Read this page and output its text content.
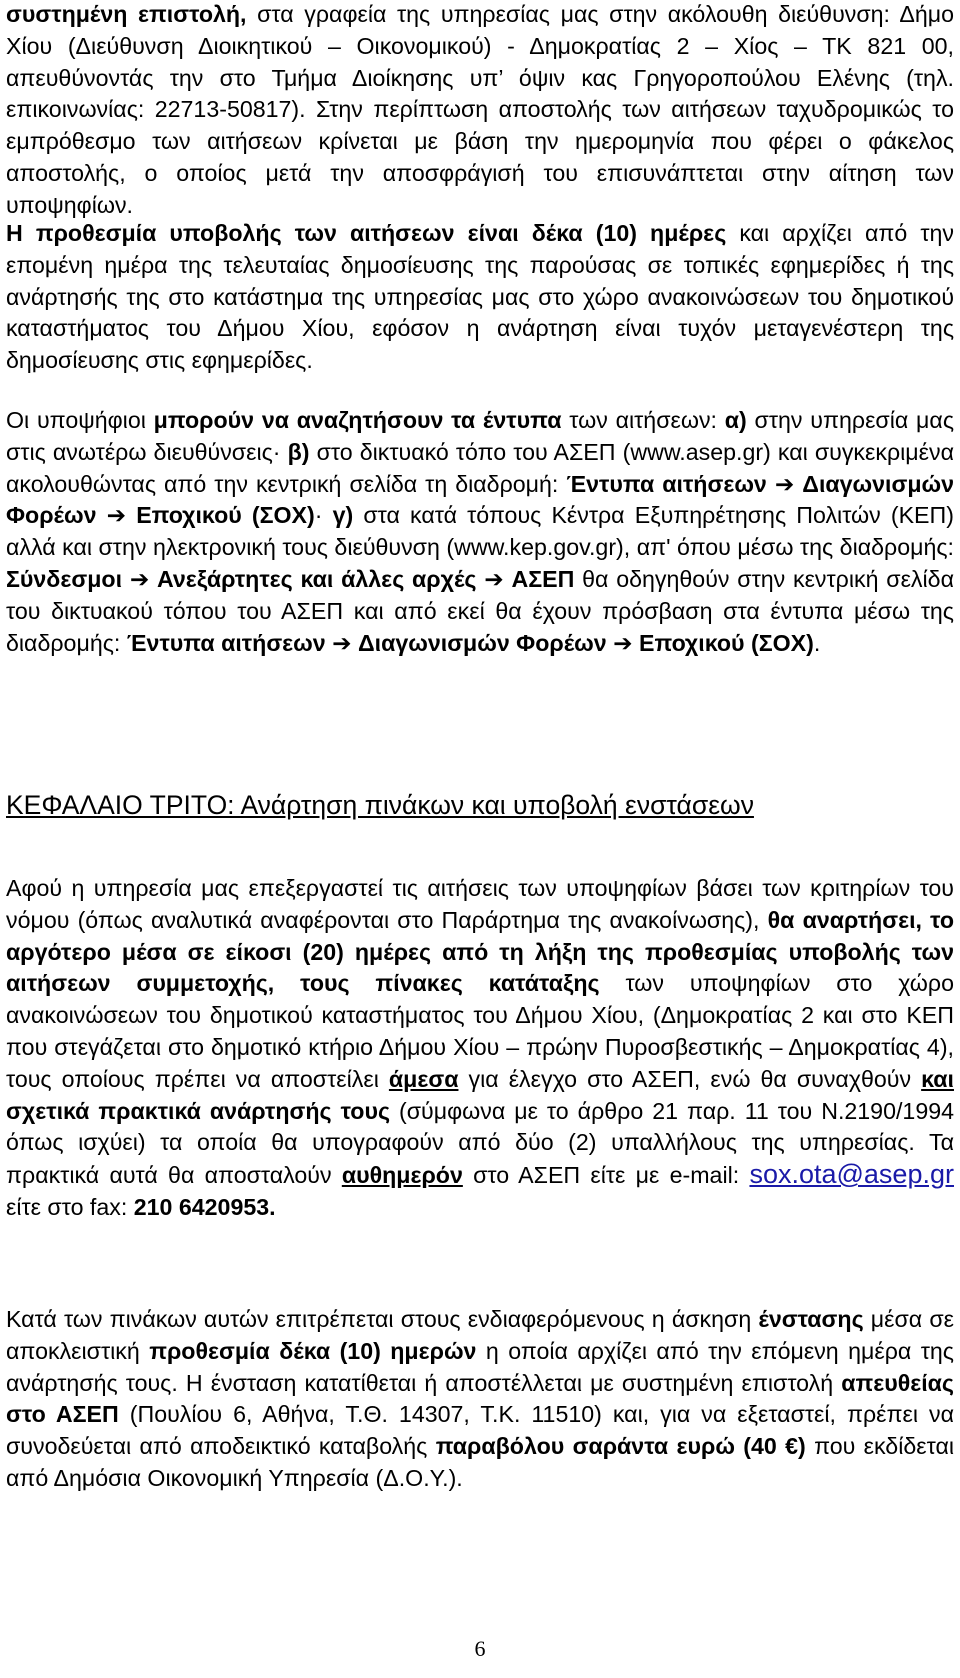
συστημένη επιστολή, στα γραφεία της υπηρεσίας μας στην ακόλουθη διεύθυνση: Δήμο Χίου (Διεύθυνση Διοικητικού – Οικονομικού) - Δημοκρατίας 2 – Χίος – ΤΚ 821 00, απευθύνοντάς την στο Τμήμα Διοίκησης υπ’ όψιν κας Γρηγοροπούλου Ελένης (τηλ. επικοινωνίας: 22713-50817). Στην περίπτωση αποστολής των αιτήσεων ταχυδρομικώς το εμπρόθεσμο των αιτήσεων κρίνεται με βάση την ημερομηνία που φέρει ο φάκελος αποστολής, ο οποίος μετά την αποσφράγισή του επισυνάπτεται στην αίτηση των υποψηφίων.

Η προθεσμία υποβολής των αιτήσεων είναι δέκα (10) ημέρες και αρχίζει από την επομένη ημέρα της τελευταίας δημοσίευσης της παρούσας σε τοπικές εφημερίδες ή της ανάρτησής της στο κατάστημα της υπηρεσίας μας στο χώρο ανακοινώσεων του δημοτικού καταστήματος του Δήμου Χίου, εφόσον η ανάρτηση είναι τυχόν μεταγενέστερη της δημοσίευσης στις εφημερίδες.

Οι υποψήφιοι μπορούν να αναζητήσουν τα έντυπα των αιτήσεων: α) στην υπηρεσία μας στις ανωτέρω διευθύνσεις· β) στο δικτυακό τόπο του ΑΣΕΠ (www.asep.gr) και συγκεκριμένα ακολουθώντας από την κεντρική σελίδα τη διαδρομή: Έντυπα αιτήσεων ➔ Διαγωνισμών Φορέων ➔ Εποχικού (ΣΟΧ)· γ) στα κατά τόπους Κέντρα Εξυπηρέτησης Πολιτών (ΚΕΠ) αλλά και στην ηλεκτρονική τους διεύθυνση (www.kep.gov.gr), απ' όπου μέσω της διαδρομής: Σύνδεσμοι ➔ Ανεξάρτητες και άλλες αρχές ➔ ΑΣΕΠ θα οδηγηθούν στην κεντρική σελίδα του δικτυακού τόπου του ΑΣΕΠ και από εκεί θα έχουν πρόσβαση στα έντυπα μέσω της διαδρομής: Έντυπα αιτήσεων ➔ Διαγωνισμών Φορέων ➔ Εποχικού (ΣΟΧ).

ΚΕΦΑΛΑΙΟ ΤΡΙΤΟ: Ανάρτηση πινάκων και υποβολή ενστάσεων

Αφού η υπηρεσία μας επεξεργαστεί τις αιτήσεις των υποψηφίων βάσει των κριτηρίων του νόμου (όπως αναλυτικά αναφέρονται στο Παράρτημα της ανακοίνωσης), θα αναρτήσει, το αργότερο μέσα σε είκοσι (20) ημέρες από τη λήξη της προθεσμίας υποβολής των αιτήσεων συμμετοχής, τους πίνακες κατάταξης των υποψηφίων στο χώρο ανακοινώσεων του δημοτικού καταστήματος του Δήμου Χίου, (Δημοκρατίας 2 και στο ΚΕΠ που στεγάζεται στο δημοτικό κτήριο Δήμου Χίου – πρώην Πυροσβεστικής – Δημοκρατίας 4), τους οποίους πρέπει να αποστείλει άμεσα για έλεγχο στο ΑΣΕΠ, ενώ θα συναχθούν και σχετικά πρακτικά ανάρτησής τους (σύμφωνα με το άρθρο 21 παρ. 11 του Ν.2190/1994 όπως ισχύει) τα οποία θα υπογραφούν από δύο (2) υπαλλήλους της υπηρεσίας. Τα πρακτικά αυτά θα αποσταλούν αυθημερόν στο ΑΣΕΠ είτε με e-mail: sox.ota@asep.gr είτε στο fax: 210 6420953.

Κατά των πινάκων αυτών επιτρέπεται στους ενδιαφερόμενους η άσκηση ένστασης μέσα σε αποκλειστική προθεσμία δέκα (10) ημερών η οποία αρχίζει από την επόμενη ημέρα της ανάρτησής τους. Η ένσταση κατατίθεται ή αποστέλλεται με συστημένη επιστολή απευθείας στο ΑΣΕΠ (Πουλίου 6, Αθήνα, Τ.Θ. 14307, Τ.Κ. 11510) και, για να εξεταστεί, πρέπει να συνοδεύεται από αποδεικτικό καταβολής παραβόλου σαράντα ευρώ (40 €) που εκδίδεται από Δημόσια Οικονομική Υπηρεσία (Δ.Ο.Υ.).

6
